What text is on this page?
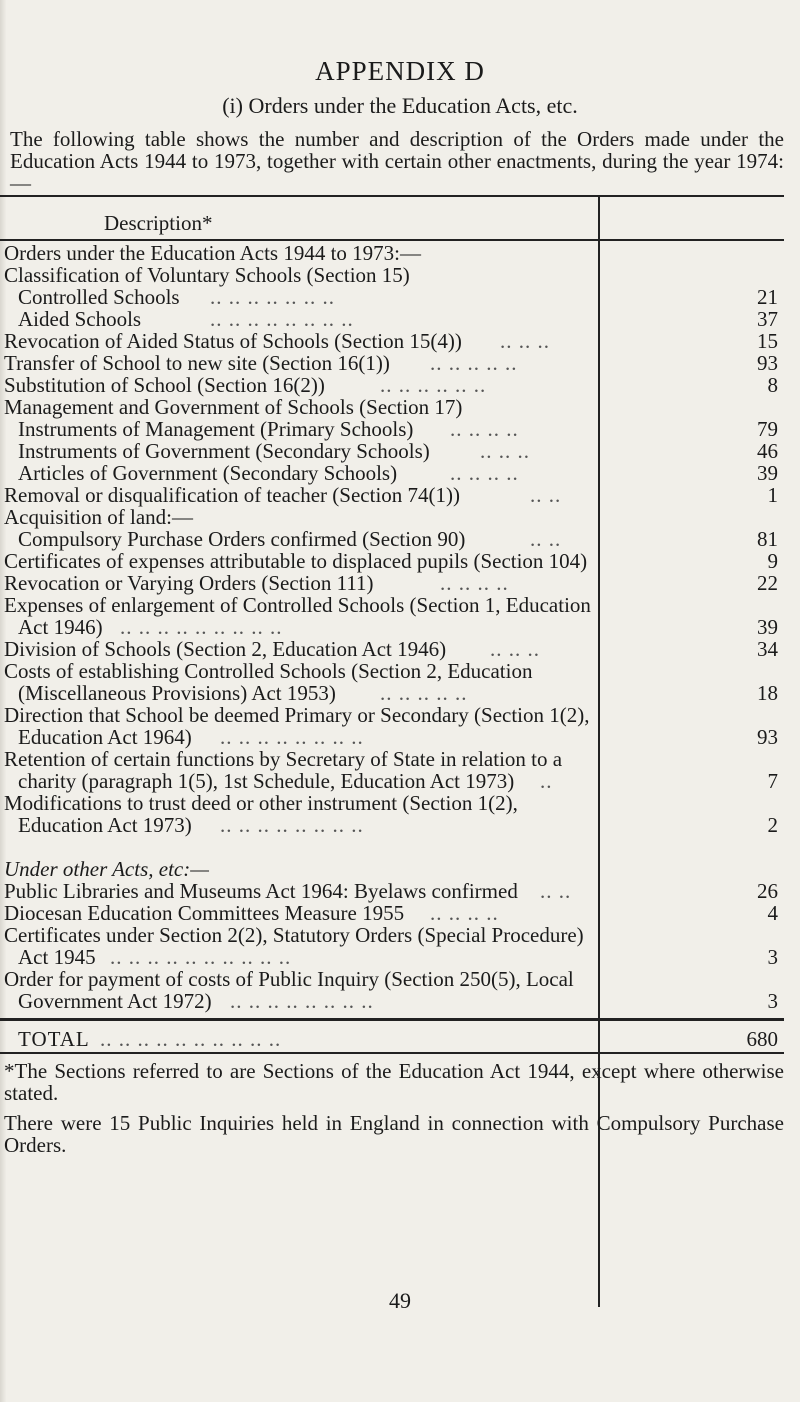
APPENDIX D
(i) Orders under the Education Acts, etc.
The following table shows the number and description of the Orders made under the Education Acts 1944 to 1973, together with certain other enactments, during the year 1974:—
Description*
Orders under the Education Acts 1944 to 1973:—
Classification of Voluntary Schools (Section 15)
Controlled Schools .. .. .. .. .. .. ..	21
Aided Schools	.. .. .. .. .. .. .. ..	37
Revocation of Aided Status of Schools (Section 15(4)) .. .. ..	15
Transfer of School to new site (Section 16(1)) .. .. .. .. ..	93
Substitution of School (Section 16(2))	.. .. .. .. .. ..	8
Management and Government of Schools (Section 17)
Instruments of Management (Primary Schools) .. .. .. ..	79
Instruments of Government (Secondary Schools) .. .. ..	46
Articles of Government (Secondary Schools)	.. .. .. ..	39
Removal or disqualification of teacher (Section 74(1))	.. ..	1
Acquisition of land:—
Compulsory Purchase Orders confirmed (Section 90)	.. ..	81
Certificates of expenses attributable to displaced pupils (Section 104)	9
Revocation or Varying Orders (Section 111)	.. .. .. ..	22
Expenses of enlargement of Controlled Schools (Section 1, Education
Act 1946) .. .. .. .. .. .. .. .. ..	39
Division of Schools (Section 2, Education Act 1946) .. .. ..	34
Costs of establishing Controlled Schools (Section 2, Education
(Miscellaneous Provisions) Act 1953) .. .. .. .. ..	18
Direction that School be deemed Primary or Secondary (Section 1(2),
Education Act 1964) .. .. .. .. .. .. .. ..	93
Retention of certain functions by Secretary of State in relation to a
charity (paragraph 1(5), 1st Schedule, Education Act 1973) ..	7
Modifications to trust deed or other instrument (Section 1(2),
Education Act 1973) .. .. .. .. .. .. .. ..	2
Under other Acts, etc:—
Public Libraries and Museums Act 1964: Byelaws confirmed .. ..	26
Diocesan Education Committees Measure 1955 .. .. .. ..	4
Certificates under Section 2(2), Statutory Orders (Special Procedure)
Act 1945 .. .. .. .. .. .. .. .. .. ..	3
Order for payment of costs of Public Inquiry (Section 250(5), Local
Government Act 1972) .. .. .. .. .. .. .. ..	3
TOTAL .. .. .. .. .. .. .. .. .. ..	680
*The Sections referred to are Sections of the Education Act 1944, except where otherwise stated.
There were 15 Public Inquiries held in England in connection with Compulsory Purchase Orders.
49
